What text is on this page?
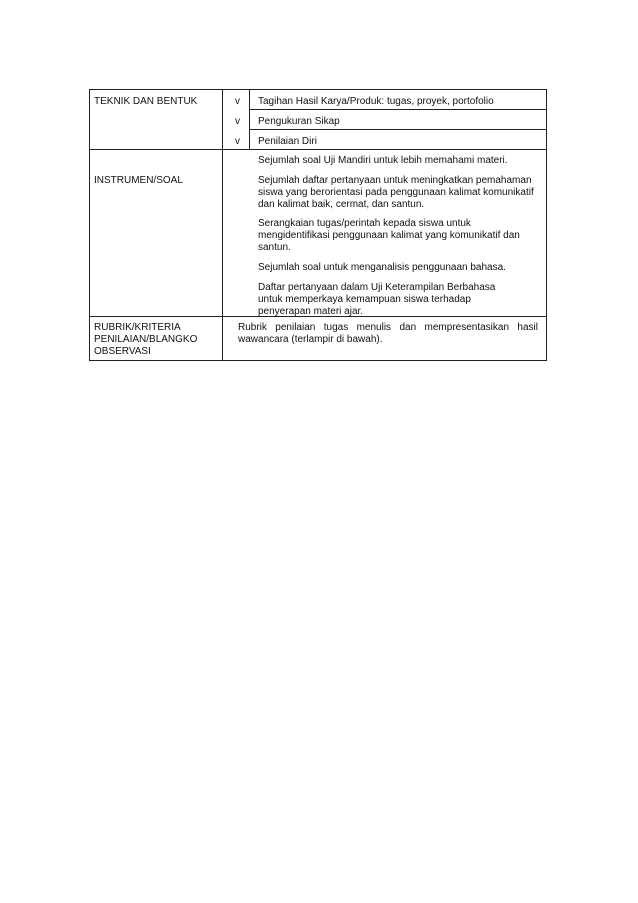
TEKNIK DAN BENTUK	v Tagihan Hasil Karya/Produk: tugas, proyek, portofolio
v Pengukuran Sikap
v Penilaian Diri
INSTRUMEN/SOAL
Sejumlah soal Uji Mandiri untuk lebih memahami materi.
Sejumlah daftar pertanyaan untuk meningkatkan pemahaman siswa yang berorientasi pada penggunaan kalimat komunikatif dan kalimat baik, cermat, dan santun.
Serangkaian tugas/perintah kepada siswa untuk mengidentifikasi penggunaan kalimat yang komunikatif dan santun.
Sejumlah soal untuk menganalisis penggunaan bahasa.
Daftar pertanyaan dalam Uji Keterampilan Berbahasa untuk memperkaya kemampuan siswa terhadap penyerapan materi ajar.
RUBRIK/KRITERIA PENILAIAN/BLANGKO OBSERVASI
Rubrik penilaian tugas menulis dan mempresentasikan hasil wawancara (terlampir di bawah).
